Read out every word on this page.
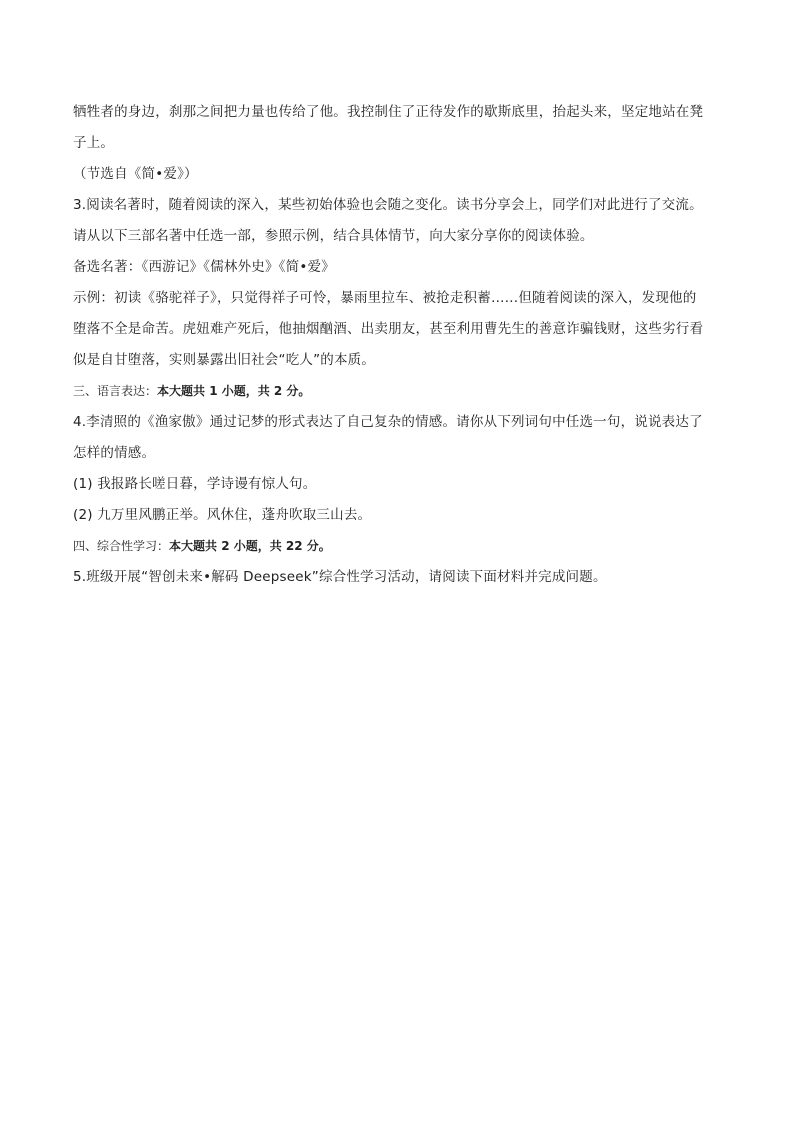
牺牲者的身边，刹那之间把力量也传给了他。我控制住了正待发作的歇斯底里，抬起头来，坚定地站在凳
子上。
（节选自《简•爱》）
3.阅读名著时，随着阅读的深入，某些初始体验也会随之变化。读书分享会上，同学们对此进行了交流。
请从以下三部名著中任选一部，参照示例，结合具体情节，向大家分享你的阅读体验。
备选名著：《西游记》《儒林外史》《简•爱》
示例：初读《骆驼祥子》，只觉得祥子可怜，暴雨里拉车、被抢走积蓄……但随着阅读的深入，发现他的
堕落不全是命苦。虎妞难产死后，他抽烟酗酒、出卖朋友，甚至利用曹先生的善意诈骗钱财，这些劣行看
似是自甘堕落，实则暴露出旧社会“吃人”的本质。
三、语言表达：本大题共 1 小题，共 2 分。
4.李清照的《渔家傲》通过记梦的形式表达了自己复杂的情感。请你从下列词句中任选一句，说说表达了
怎样的情感。
(1) 我报路长嗟日暮，学诗谩有惊人句。
(2) 九万里风鹏正举。风休住，蓬舟吹取三山去。
四、综合性学习：本大题共 2 小题，共 22 分。
5.班级开展“智创未来•解码 Deepseek”综合性学习活动，请阅读下面材料并完成问题。
